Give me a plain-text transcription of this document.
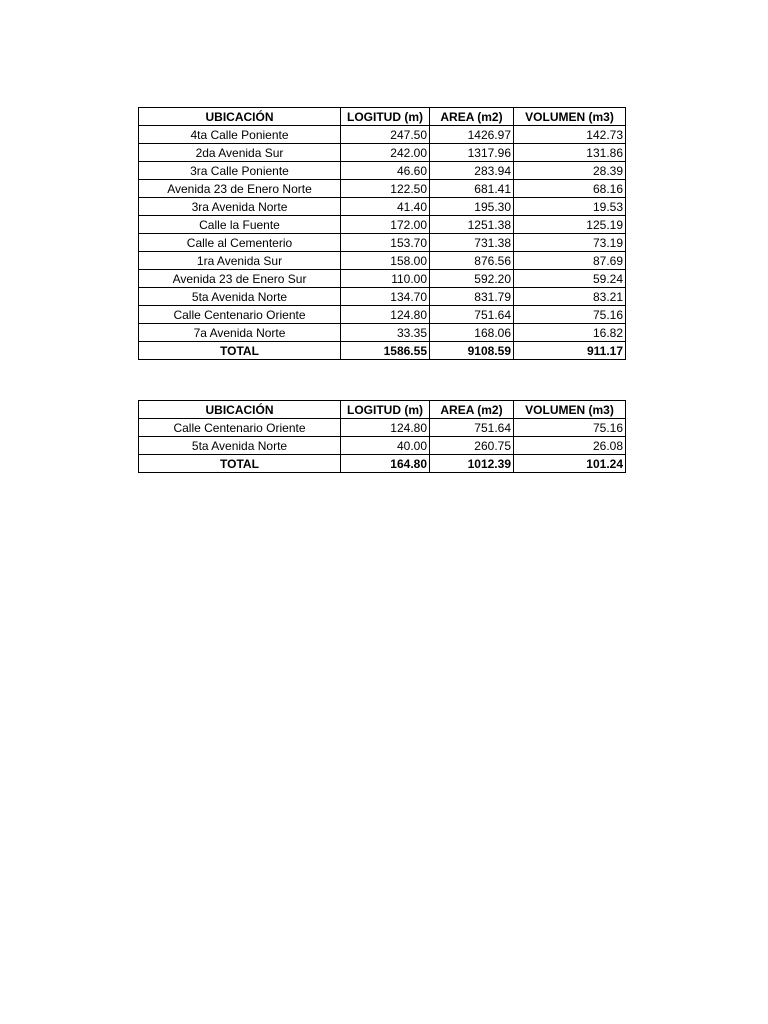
UBICACIÓN	LOGITUD (m)	AREA (m2)	VOLUMEN (m3)
4ta Calle Poniente	247.50	1426.97	142.73
2da Avenida Sur	242.00	1317.96	131.86
3ra Calle Poniente	46.60	283.94	28.39
Avenida 23 de Enero Norte	122.50	681.41	68.16
3ra Avenida Norte	41.40	195.30	19.53
Calle la Fuente	172.00	1251.38	125.19
Calle al Cementerio	153.70	731.38	73.19
1ra Avenida Sur	158.00	876.56	87.69
Avenida 23 de Enero Sur	110.00	592.20	59.24
5ta Avenida Norte	134.70	831.79	83.21
Calle Centenario Oriente	124.80	751.64	75.16
7a Avenida Norte	33.35	168.06	16.82
TOTAL	1586.55	9108.59	911.17
UBICACIÓN	LOGITUD (m)	AREA (m2)	VOLUMEN (m3)
Calle Centenario Oriente	124.80	751.64	75.16
5ta Avenida Norte	40.00	260.75	26.08
TOTAL	164.80	1012.39	101.24
